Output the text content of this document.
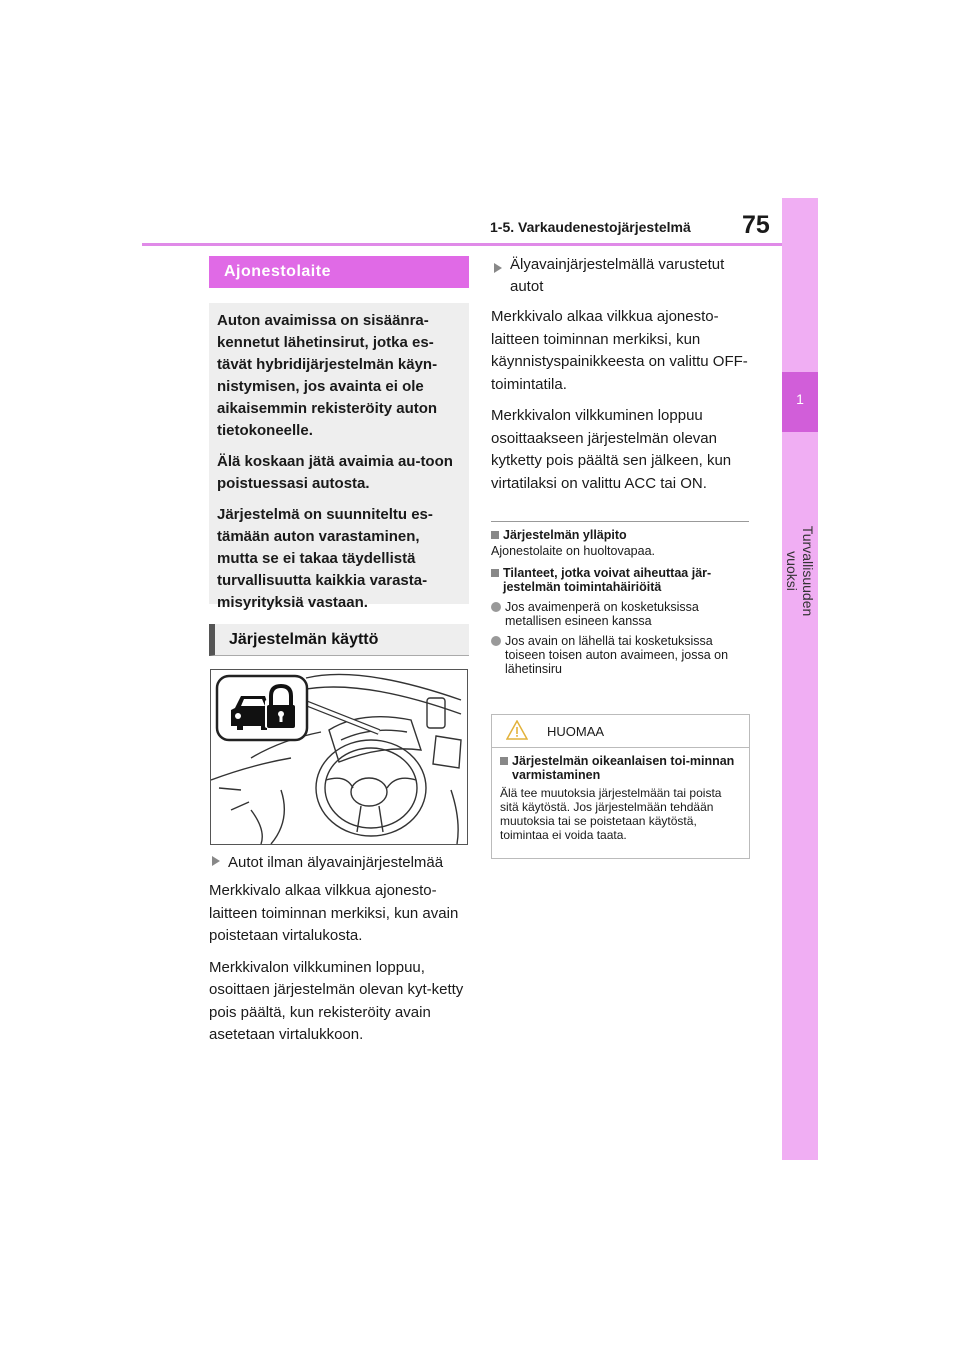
1-5. Varkaudenestojärjestelmä 75
1
Turvallisuuden vuoksi
Ajonestolaite

Auton avaimissa on sisäänra-kennetut lähetinsirut, jotka es-tävät hybridijärjestelmän käyn-nistymisen, jos avainta ei ole aikaisemmin rekisteröity auton tietokoneelle.

Älä koskaan jätä avaimia au-toon poistuessasi autosta.

Järjestelmä on suunniteltu es-tämään auton varastaminen, mutta se ei takaa täydellistä turvallisuutta kaikkia varasta-misyrityksiä vastaan.

Järjestelmän käyttö
Autot ilman älyavainjärjestelmää

Merkkivalo alkaa vilkkua ajonesto-laitteen toiminnan merkiksi, kun avain poistetaan virtalukosta.

Merkkivalon vilkkuminen loppuu, osoittaen järjestelmän olevan kyt-ketty pois päältä, kun rekisteröity avain asetetaan virtalukkoon.

Älyavainjärjestelmällä varustetut autot

Merkkivalo alkaa vilkkua ajonesto-laitteen toiminnan merkiksi, kun käynnistyspainikkeesta on valittu OFF-toimintatila.

Merkkivalon vilkkuminen loppuu osoittaakseen järjestelmän olevan kytketty pois päältä sen jälkeen, kun virtatilaksi on valittu ACC tai ON.

Järjestelmän ylläpito

Ajonestolaite on huoltovapaa.

Tilanteet, jotka voivat aiheuttaa jär-jestelmän toimintahäiriöitä

Jos avaimenperä on kosketuksissa metallisen esineen kanssa

Jos avain on lähellä tai kosketuksissa toiseen toisen auton avaimeen, jossa on lähetinsiru

HUOMAA

Järjestelmän oikeanlaisen toi-minnan varmistaminen

Älä tee muutoksia järjestelmään tai poista sitä käytöstä. Jos järjestelmään tehdään muutoksia tai se poistetaan käytöstä, toimintaa ei voida taata.
